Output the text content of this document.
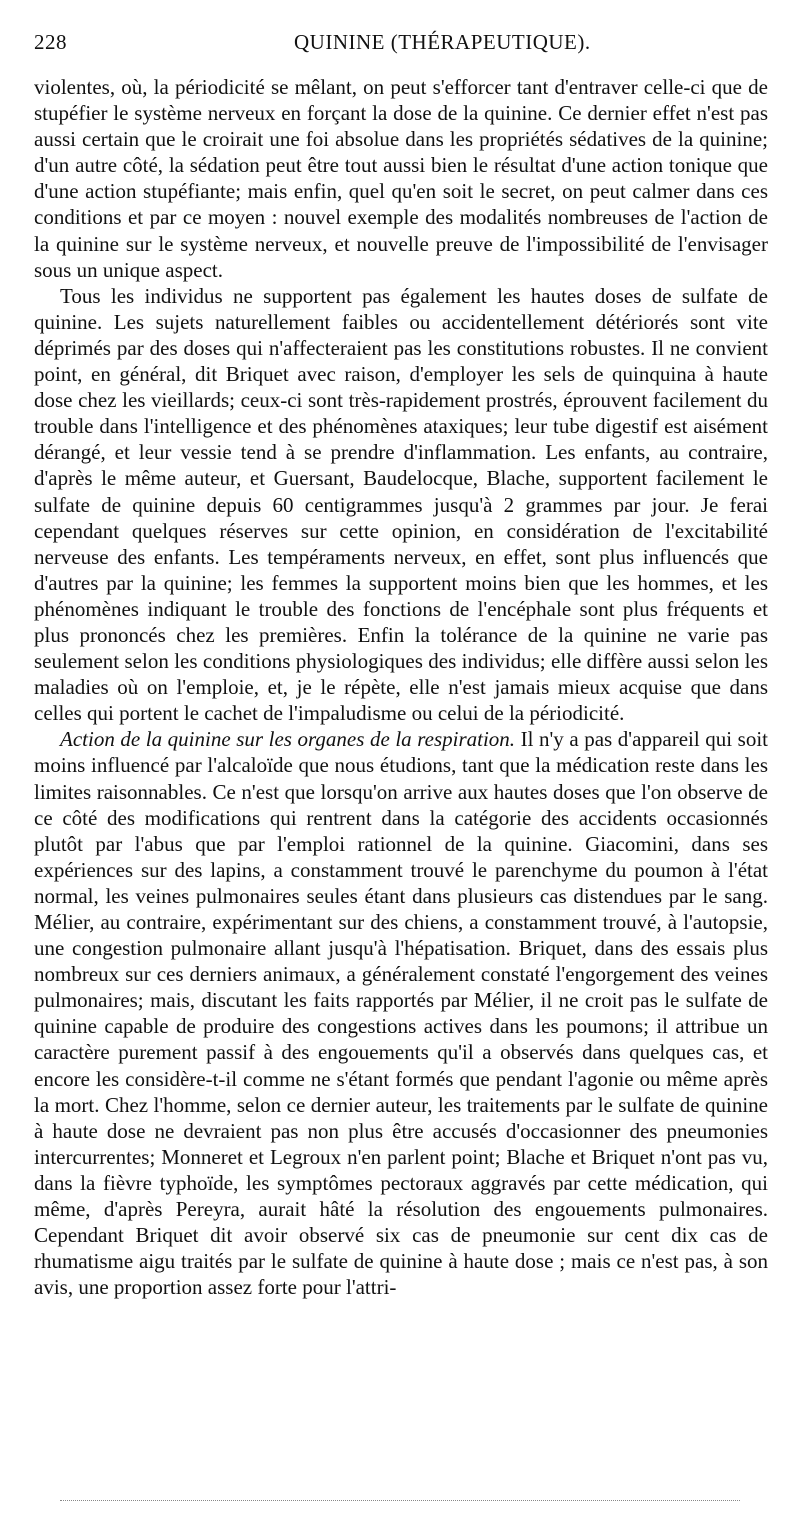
228	QUININE (THÉRAPEUTIQUE).

violentes, où, la périodicité se mêlant, on peut s'efforcer tant d'entraver celle-ci que de stupéfier le système nerveux en forçant la dose de la quinine. Ce dernier effet n'est pas aussi certain que le croirait une foi absolue dans les propriétés sédatives de la quinine; d'un autre côté, la sédation peut être tout aussi bien le résultat d'une action tonique que d'une action stupéfiante; mais enfin, quel qu'en soit le secret, on peut calmer dans ces conditions et par ce moyen : nouvel exemple des modalités nombreuses de l'action de la quinine sur le système nerveux, et nouvelle preuve de l'impossibilité de l'envisager sous un unique aspect.

Tous les individus ne supportent pas également les hautes doses de sulfate de quinine. Les sujets naturellement faibles ou accidentellement détériorés sont vite déprimés par des doses qui n'affecteraient pas les constitutions robustes. Il ne convient point, en général, dit Briquet avec raison, d'employer les sels de quinquina à haute dose chez les vieillards; ceux-ci sont très-rapidement prostrés, éprouvent facilement du trouble dans l'intelligence et des phénomènes ataxiques; leur tube digestif est aisément dérangé, et leur vessie tend à se prendre d'inflammation. Les enfants, au contraire, d'après le même auteur, et Guersant, Baudelocque, Blache, supportent facilement le sulfate de quinine depuis 60 centigrammes jusqu'à 2 grammes par jour. Je ferai cependant quelques réserves sur cette opinion, en considération de l'excitabilité nerveuse des enfants. Les tempéraments nerveux, en effet, sont plus influencés que d'autres par la quinine; les femmes la supportent moins bien que les hommes, et les phénomènes indiquant le trouble des fonctions de l'encéphale sont plus fréquents et plus prononcés chez les premières. Enfin la tolérance de la quinine ne varie pas seulement selon les conditions physiologiques des individus; elle diffère aussi selon les maladies où on l'emploie, et, je le répète, elle n'est jamais mieux acquise que dans celles qui portent le cachet de l'impaludisme ou celui de la périodicité.

Action de la quinine sur les organes de la respiration. Il n'y a pas d'appareil qui soit moins influencé par l'alcaloïde que nous étudions, tant que la médication reste dans les limites raisonnables. Ce n'est que lorsqu'on arrive aux hautes doses que l'on observe de ce côté des modifications qui rentrent dans la catégorie des accidents occasionnés plutôt par l'abus que par l'emploi rationnel de la quinine. Giacomini, dans ses expériences sur des lapins, a constamment trouvé le parenchyme du poumon à l'état normal, les veines pulmonaires seules étant dans plusieurs cas distendues par le sang. Mélier, au contraire, expérimentant sur des chiens, a constamment trouvé, à l'autopsie, une congestion pulmonaire allant jusqu'à l'hépatisation. Briquet, dans des essais plus nombreux sur ces derniers animaux, a généralement constaté l'engorgement des veines pulmonaires; mais, discutant les faits rapportés par Mélier, il ne croit pas le sulfate de quinine capable de produire des congestions actives dans les poumons; il attribue un caractère purement passif à des engouements qu'il a observés dans quelques cas, et encore les considère-t-il comme ne s'étant formés que pendant l'agonie ou même après la mort. Chez l'homme, selon ce dernier auteur, les traitements par le sulfate de quinine à haute dose ne devraient pas non plus être accusés d'occasionner des pneumonies intercurrentes; Monneret et Legroux n'en parlent point; Blache et Briquet n'ont pas vu, dans la fièvre typhoïde, les symptômes pectoraux aggravés par cette médication, qui même, d'après Pereyra, aurait hâté la résolution des engouements pulmonaires. Cependant Briquet dit avoir observé six cas de pneumonie sur cent dix cas de rhumatisme aigu traités par le sulfate de quinine à haute dose ; mais ce n'est pas, à son avis, une proportion assez forte pour l'attri-
